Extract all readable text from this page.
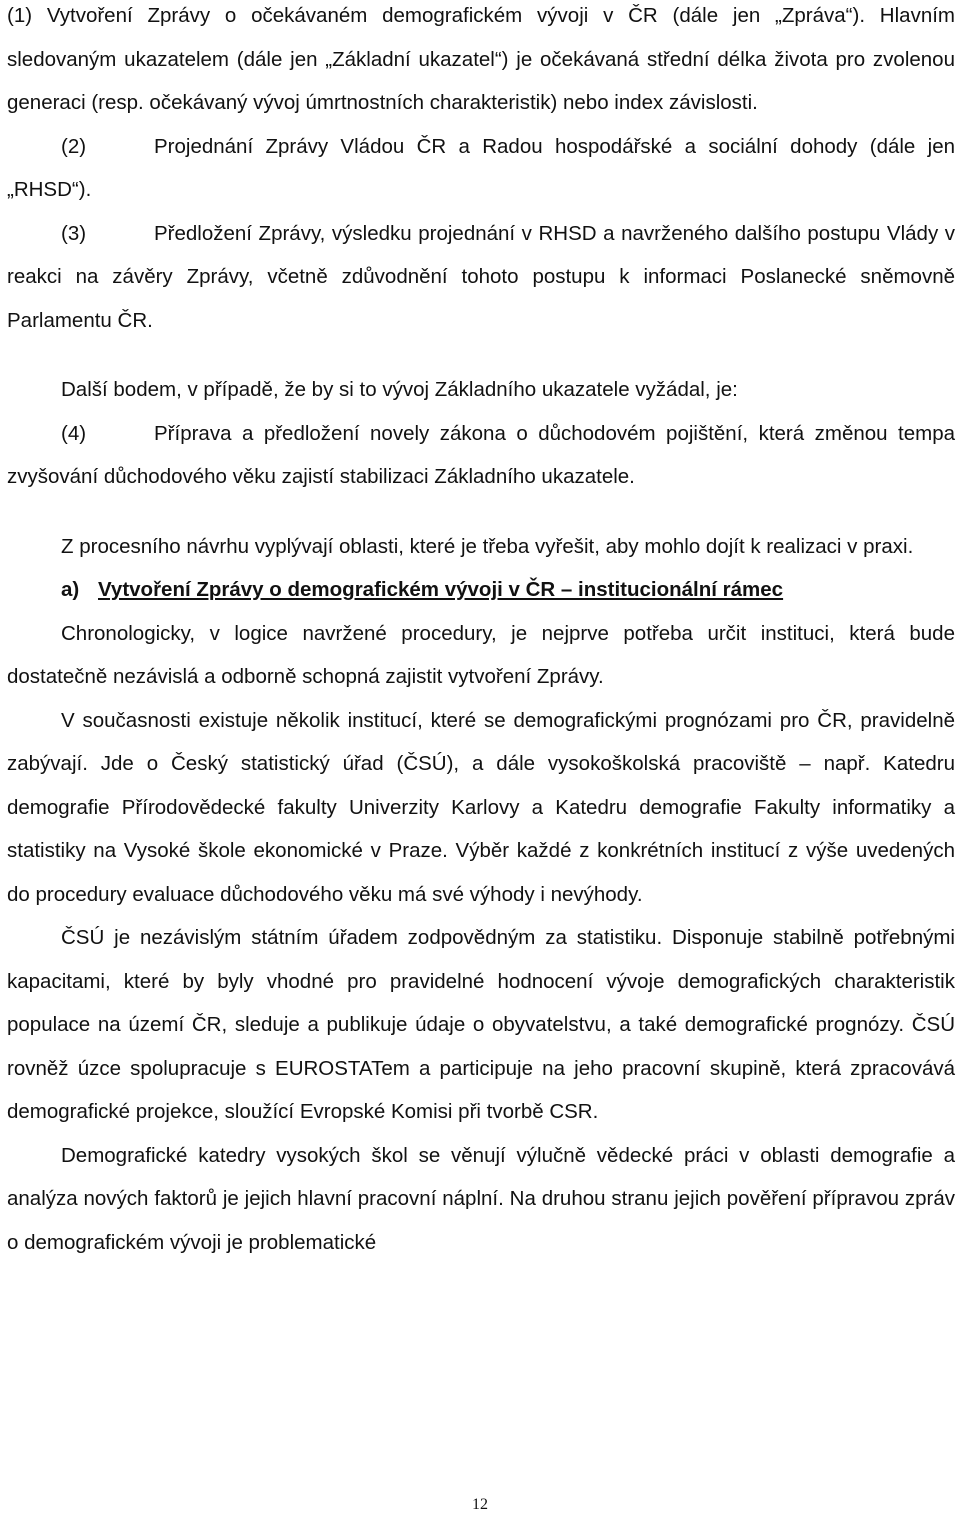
(1) Vytvoření Zprávy o očekávaném demografickém vývoji v ČR (dále jen „Zpráva“). Hlavním sledovaným ukazatelem (dále jen „Základní ukazatel“) je očekávaná střední délka života pro zvolenou generaci (resp. očekávaný vývoj úmrtnostních charakteristik) nebo index závislosti.

(2)	Projednání Zprávy Vládou ČR a Radou hospodářské a sociální dohody (dále jen „RHSD“).

(3)	Předložení Zprávy, výsledku projednání v RHSD a navrženého dalšího postupu Vlády v reakci na závěry Zprávy, včetně zdůvodnění tohoto postupu k informaci Poslanecké sněmovně Parlamentu ČR.

Další bodem, v případě, že by si to vývoj Základního ukazatele vyžádal, je:

(4)	Příprava a předložení novely zákona o důchodovém pojištění, která změnou tempa zvyšování důchodového věku zajistí stabilizaci Základního ukazatele.

Z procesního návrhu vyplývají oblasti, které je třeba vyřešit, aby mohlo dojít k realizaci v praxi.

a) Vytvoření Zprávy o demografickém vývoji v ČR – institucionální rámec

Chronologicky, v logice navržené procedury, je nejprve potřeba určit instituci, která bude dostatečně nezávislá a odborně schopná zajistit vytvoření Zprávy.

V současnosti existuje několik institucí, které se demografickými prognózami pro ČR, pravidelně zabývají. Jde o Český statistický úřad (ČSÚ), a dále vysokoškolská pracoviště – např. Katedru demografie Přírodovědecké fakulty Univerzity Karlovy a Katedru demografie Fakulty informatiky a statistiky na Vysoké škole ekonomické v Praze. Výběr každé z konkrétních institucí z výše uvedených do procedury evaluace důchodového věku má své výhody i nevýhody.

ČSÚ je nezávislým státním úřadem zodpovědným za statistiku. Disponuje stabilně potřebnými kapacitami, které by byly vhodné pro pravidelné hodnocení vývoje demografických charakteristik populace na území ČR, sleduje a publikuje údaje o obyvatelstvu, a také demografické prognózy. ČSÚ rovněž úzce spolupracuje s EUROSTATem a participuje na jeho pracovní skupině, která zpracovává demografické projekce, sloužící Evropské Komisi při tvorbě CSR.

Demografické katedry vysokých škol se věnují výlučně vědecké práci v oblasti demografie a analýza nových faktorů je jejich hlavní pracovní náplní. Na druhou stranu jejich pověření přípravou zpráv o demografickém vývoji je problematické

12
